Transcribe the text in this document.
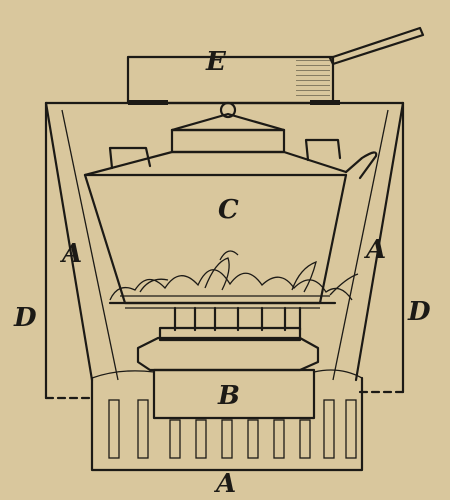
E
C
B
A	A
A
D	D
